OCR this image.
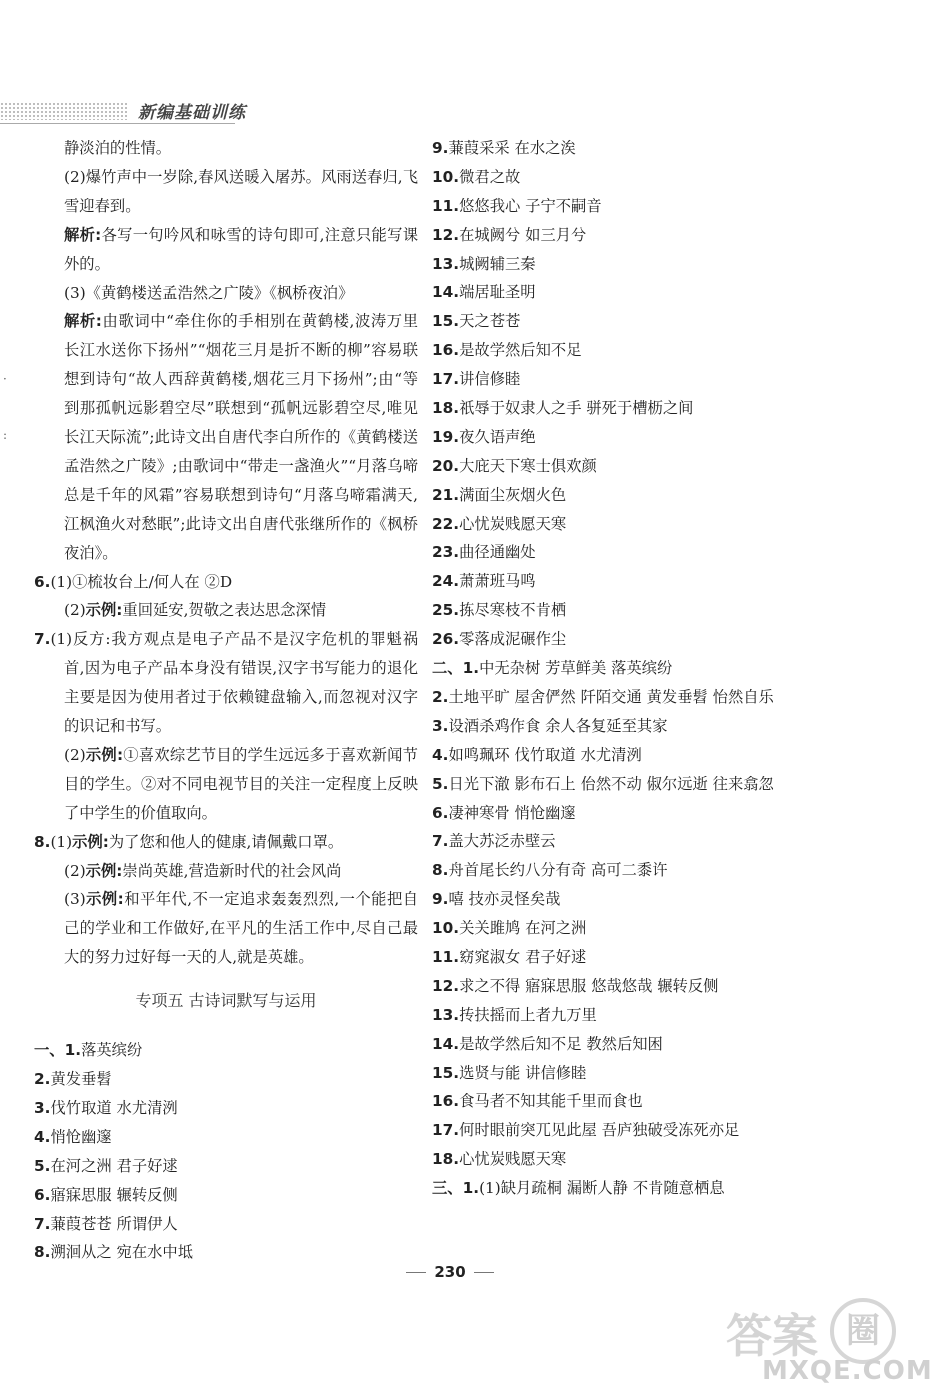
新编基础训练
·
:
静淡泊的性情。
(2)爆竹声中一岁除,春风送暖入屠苏。风雨送春归,飞雪迎春到。
解析:各写一句吟风和咏雪的诗句即可,注意只能写课外的。
(3)《黄鹤楼送孟浩然之广陵》《枫桥夜泊》
解析:由歌词中“牵住你的手相别在黄鹤楼,波涛万里长江水送你下扬州”“烟花三月是折不断的柳”容易联想到诗句“故人西辞黄鹤楼,烟花三月下扬州”;由“等到那孤帆远影碧空尽”联想到“孤帆远影碧空尽,唯见长江天际流”;此诗文出自唐代李白所作的《黄鹤楼送孟浩然之广陵》;由歌词中“带走一盏渔火”“月落乌啼总是千年的风霜”容易联想到诗句“月落乌啼霜满天,江枫渔火对愁眠”;此诗文出自唐代张继所作的《枫桥夜泊》。
6.(1)①梳妆台上/何人在 ②D
(2)示例:重回延安,贺敬之表达思念深情
7.(1)反方:我方观点是电子产品不是汉字危机的罪魁祸首,因为电子产品本身没有错误,汉字书写能力的退化主要是因为使用者过于依赖键盘输入,而忽视对汉字的识记和书写。
(2)示例:①喜欢综艺节目的学生远远多于喜欢新闻节目的学生。②对不同电视节目的关注一定程度上反映了中学生的价值取向。
8.(1)示例:为了您和他人的健康,请佩戴口罩。
(2)示例:崇尚英雄,营造新时代的社会风尚
(3)示例:和平年代,不一定追求轰轰烈烈,一个能把自己的学业和工作做好,在平凡的生活工作中,尽自己最大的努力过好每一天的人,就是英雄。
专项五 古诗词默写与运用
一、1.落英缤纷
2.黄发垂髫
3.伐竹取道 水尤清洌
4.悄怆幽邃
5.在河之洲 君子好逑
6.寤寐思服 辗转反侧
7.蒹葭苍苍 所谓伊人
8.溯洄从之 宛在水中坻
9.蒹葭采采 在水之涘
10.微君之故
11.悠悠我心 子宁不嗣音
12.在城阙兮 如三月兮
13.城阙辅三秦
14.端居耻圣明
15.天之苍苍
16.是故学然后知不足
17.讲信修睦
18.祇辱于奴隶人之手 骈死于槽枥之间
19.夜久语声绝
20.大庇天下寒士俱欢颜
21.满面尘灰烟火色
22.心忧炭贱愿天寒
23.曲径通幽处
24.萧萧班马鸣
25.拣尽寒枝不肯栖
26.零落成泥碾作尘
二、1.中无杂树 芳草鲜美 落英缤纷
2.土地平旷 屋舍俨然 阡陌交通 黄发垂髫 怡然自乐
3.设酒杀鸡作食 余人各复延至其家
4.如鸣珮环 伐竹取道 水尤清洌
5.日光下澈 影布石上 佁然不动 俶尔远逝 往来翕忽
6.凄神寒骨 悄怆幽邃
7.盖大苏泛赤壁云
8.舟首尾长约八分有奇 高可二黍许
9.嘻 技亦灵怪矣哉
10.关关雎鸠 在河之洲
11.窈窕淑女 君子好逑
12.求之不得 寤寐思服 悠哉悠哉 辗转反侧
13.抟扶摇而上者九万里
14.是故学然后知不足 教然后知困
15.选贤与能 讲信修睦
16.食马者不知其能千里而食也
17.何时眼前突兀见此屋 吾庐独破受冻死亦足
18.心忧炭贱愿天寒
三、1.(1)缺月疏桐 漏断人静 不肯随意栖息
230
答案 圈
MXQE.COM
